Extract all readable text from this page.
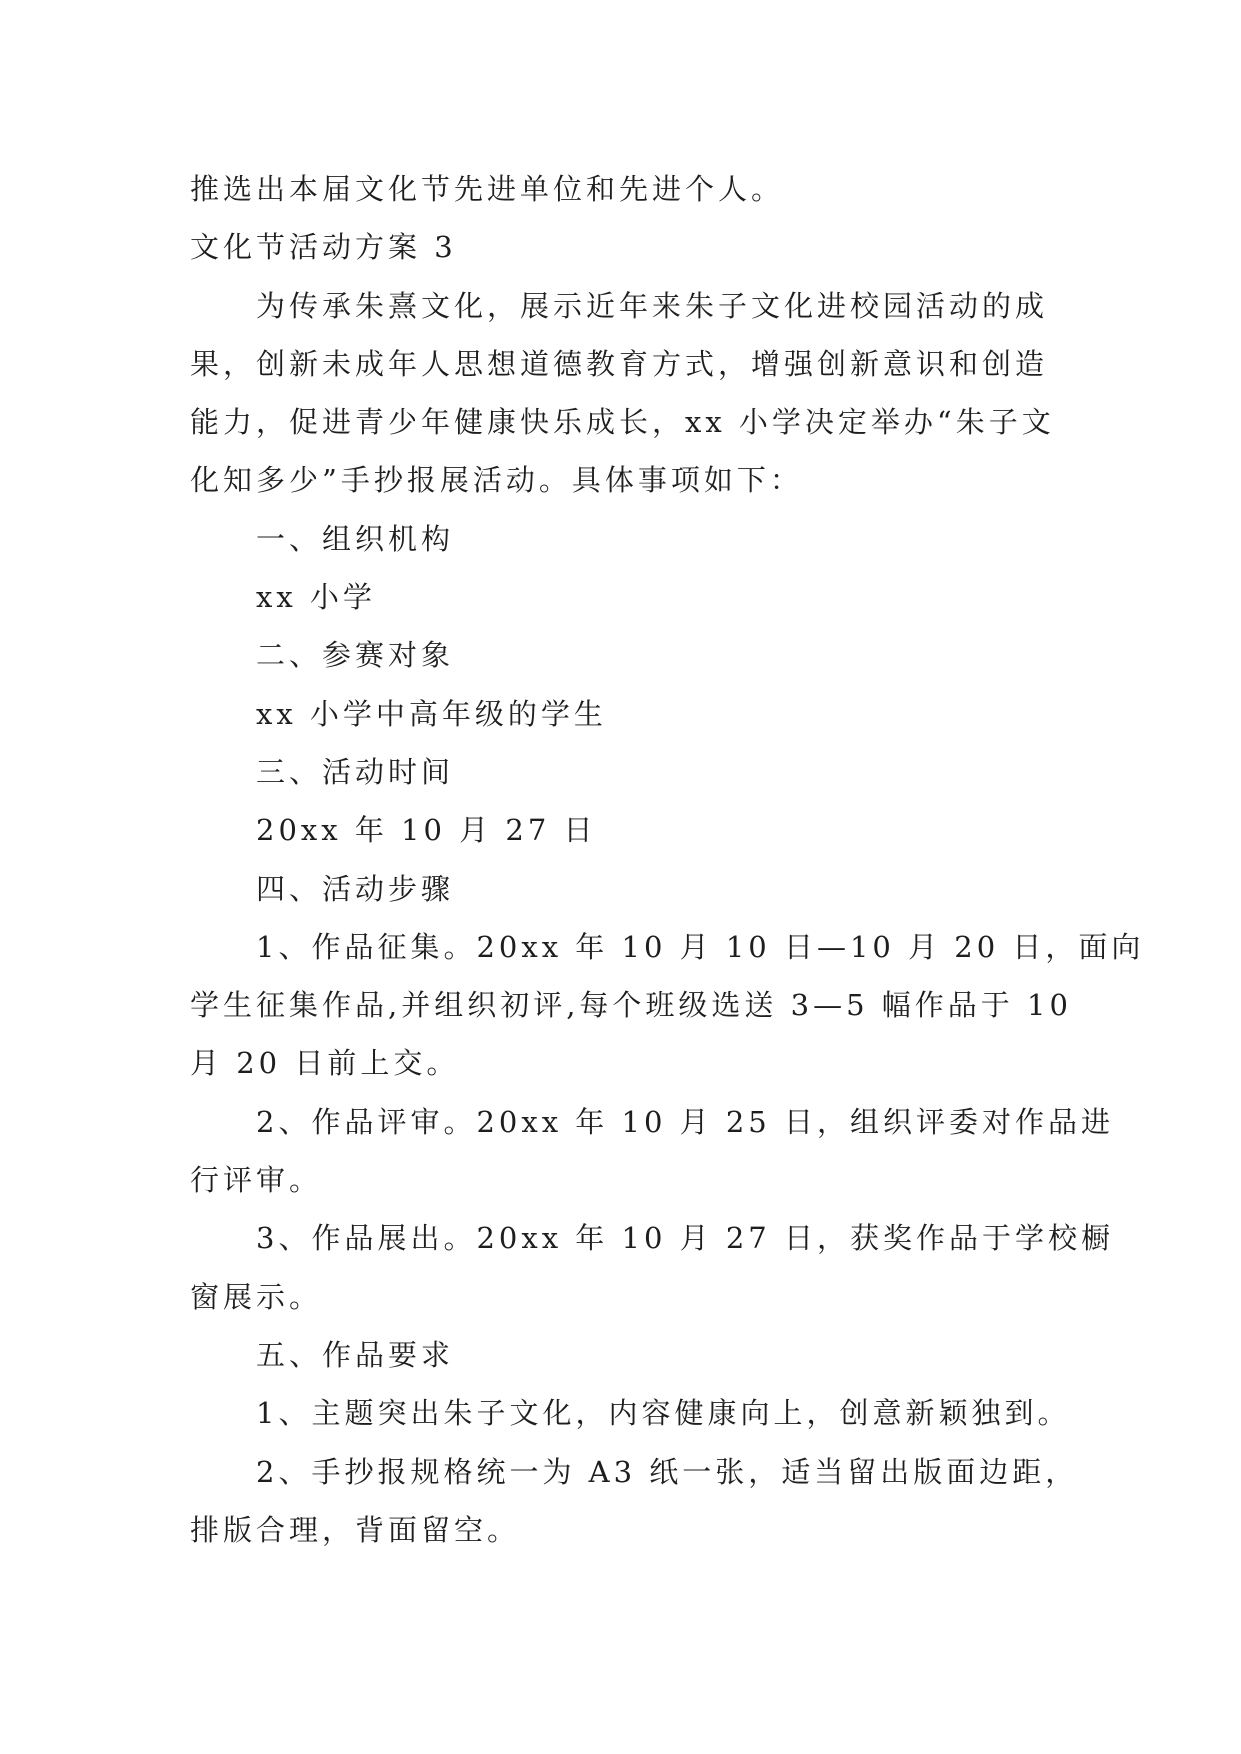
推选出本届文化节先进单位和先进个人。
文化节活动方案 3
为传承朱熹文化，展示近年来朱子文化进校园活动的成
果，创新未成年人思想道德教育方式，增强创新意识和创造
能力，促进青少年健康快乐成长，xx 小学决定举办“朱子文
化知多少”手抄报展活动。具体事项如下：
一、组织机构
xx 小学
二、参赛对象
xx 小学中高年级的学生
三、活动时间
20xx 年 10 月 27 日
四、活动步骤
1、作品征集。20xx 年 10 月 10 日—10 月 20 日，面向
学生征集作品,并组织初评,每个班级选送 3—5 幅作品于 10
月 20 日前上交。
2、作品评审。20xx 年 10 月 25 日，组织评委对作品进
行评审。
3、作品展出。20xx 年 10 月 27 日，获奖作品于学校橱
窗展示。
五、作品要求
1、主题突出朱子文化，内容健康向上，创意新颖独到。
2、手抄报规格统一为 A3 纸一张，适当留出版面边距，
排版合理，背面留空。
